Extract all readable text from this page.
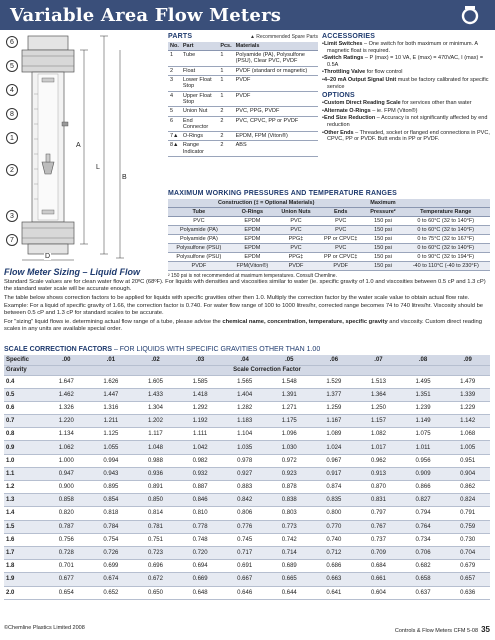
Variable Area Flow Meters
6
5
4
8
1
2
3
7
A
L
B
D
PARTS	▲ Recommended Spare Parts
No.	Part	Pcs.	Materials
1	Tube	1	Polyamide (PA), Polysulfone (PSU), Clear PVC, PVDF
2	Float	1	PVDF (standard or magnetic)
3	Lower Float Stop	1	PVDF
4	Upper Float Stop	1	PVDF
5	Union Nut	2	PVC, PPG, PVDF
6	End Connector	2	PVC, CPVC, PP or PVDF
7▲	O-Rings	2	EPDM, FPM (Viton®)
8▲	Range Indicator	2	ABS
ACCESSORIES
•Limit Switches – One switch for both maximum or minimum. A magnetic float is required.
•Switch Ratings – P (max) = 10 VA, E (max) = 470VAC, I (max) = 0.5A
•Throttling Valve for flow control
•4–20 mA Output Signal Unit must be factory calibrated for specific service
OPTIONS
•Custom Direct Reading Scale for services other than water
•Alternate O-Rings – ie. FPM (Viton®)
•End Size Reduction – Accuracy is not significantly affected by end reduction
•Other Ends – Threaded, socket or flanged end connections in PVC, CPVC, PP or PVDF. Butt ends in PP or PVDF.
MAXIMUM WORKING PRESSURES AND TEMPERATURE RANGES
Construction (‡ = Optional Materials)				Maximum	
Tube	O-Rings	Union Nuts	Ends	Pressure²	Temperature Range
PVC	EPDM	PVC	PVC	150 psi	0 to 60°C (32 to 140°F)
Polyamide (PA)	EPDM	PVC	PVC	150 psi	0 to 60°C (32 to 140°F)
Polyamide (PA)	EPDM	PPG‡	PP or CPVC‡	150 psi	0 to 75°C (32 to 167°F)
Polysulfone (PSU)	EPDM	PVC	PVC	150 psi	0 to 60°C (32 to 140°F)
Polysulfone (PSU)	EPDM	PPG‡	PP or CPVC‡	150 psi	0 to 90°C (32 to 194°F)
PVDF	FPM(Viton®)	PVDF	PVDF	150 psi	-40 to 110°C (-40 to 230°F)
² 150 psi is not recommended at maximum temperatures. Consult Chemline.
Flow Meter Sizing – Liquid Flow

Standard Scale values are for clean water flow at 20ºC (68ºF). For liquids with densities and viscosities similar to water (ie. specific gravity of 1.0 and viscosities between 0.5 cP and 1.3 cP) the standard water scale will be accurate enough.

The table below shows correction factors to be applied for liquids with specific gravities other then 1.0. Multiply the correction factor by the water scale value to obtain actual flow rate. Example: For a liquid of specific gravity of 1.66, the correction factor is 0.740. For water flow range of 100 to 1000 litres/hr, corrected range becomes 74 to 740 litres/hr. Viscosity should be between 0.5 cP and 1.3 cP for standard scales to be accurate.

For "sizing" liquid flows ie. determining actual flow range of a tube, please advise the chemical name, concentration, temperature, specific gravity and viscosity. Custom direct reading scales in any units are available special order.

SCALE CORRECTION FACTORS – FOR LIQUIDS WITH SPECIFIC GRAVITIES OTHER THAN 1.00
Specific	.00	.01	.02	.03	.04	.05	.06	.07	.08	.09
Gravity	Scale Correction Factor									
0.4	1.647	1.626	1.605	1.585	1.565	1.548	1.529	1.513	1.495	1.479
0.5	1.462	1.447	1.433	1.418	1.404	1.391	1.377	1.364	1.351	1.339
0.6	1.326	1.316	1.304	1.292	1.282	1.271	1.259	1.250	1.239	1.229
0.7	1.220	1.211	1.202	1.192	1.183	1.175	1.167	1.157	1.149	1.142
0.8	1.134	1.125	1.117	1.111	1.104	1.096	1.089	1.082	1.075	1.068
0.9	1.062	1.055	1.048	1.042	1.035	1.030	1.024	1.017	1.011	1.005
1.0	1.000	0.994	0.988	0.982	0.978	0.972	0.967	0.962	0.956	0.951
1.1	0.947	0.943	0.936	0.932	0.927	0.923	0.917	0.913	0.909	0.904
1.2	0.900	0.895	0.891	0.887	0.883	0.878	0.874	0.870	0.866	0.862
1.3	0.858	0.854	0.850	0.846	0.842	0.838	0.835	0.831	0.827	0.824
1.4	0.820	0.818	0.814	0.810	0.806	0.803	0.800	0.797	0.794	0.791
1.5	0.787	0.784	0.781	0.778	0.776	0.773	0.770	0.767	0.764	0.759
1.6	0.756	0.754	0.751	0.748	0.745	0.742	0.740	0.737	0.734	0.730
1.7	0.728	0.726	0.723	0.720	0.717	0.714	0.712	0.709	0.706	0.704
1.8	0.701	0.699	0.696	0.694	0.691	0.689	0.686	0.684	0.682	0.679
1.9	0.677	0.674	0.672	0.669	0.667	0.665	0.663	0.661	0.658	0.657
2.0	0.654	0.652	0.650	0.648	0.646	0.644	0.641	0.604	0.637	0.636
©Chemline Plastics Limited 2008	Controls & Flow Meters CFM 5-08 35
